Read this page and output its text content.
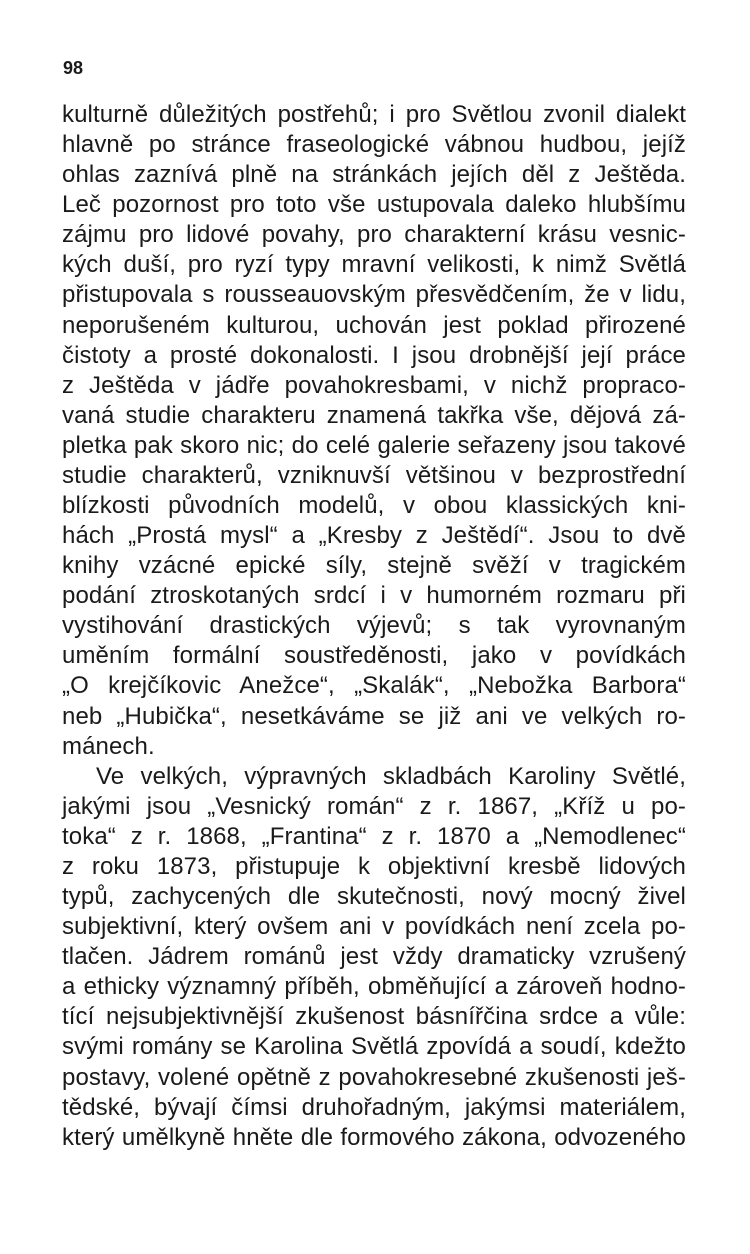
98
kulturně důležitých postřehů; i pro Světlou zvonil dialekt
hlavně po stránce fraseologické vábnou hudbou, jejíž
ohlas zaznívá plně na stránkách jejích děl z Ještěda.
Leč pozornost pro toto vše ustupovala daleko hlubšímu
zájmu pro lidové povahy, pro charakterní krásu vesnic-
kých duší, pro ryzí typy mravní velikosti, k nimž Světlá
přistupovala s rousseauovským přesvědčením, že v lidu,
neporušeném kulturou, uchován jest poklad přirozené
čistoty a prosté dokonalosti. I jsou drobnější její práce
z Ještěda v jádře povahokresbami, v nichž propraco-
vaná studie charakteru znamená takřka vše, dějová zá-
pletka pak skoro nic; do celé galerie seřazeny jsou takové
studie charakterů, vzniknuvší většinou v bezprostřední
blízkosti původních modelů, v obou klassických kni-
hách „Prostá mysl“ a „Kresby z Ještědí“. Jsou to dvě
knihy vzácné epické síly, stejně svěží v tragickém
podání ztroskotaných srdcí i v humorném rozmaru při
vystihování drastických výjevů; s tak vyrovnaným
uměním formální soustředěnosti, jako v povídkách
„O krejčíkovic Anežce“, „Skalák“, „Nebožka Barbora“
neb „Hubička“, nesetkáváme se již ani ve velkých ro-
mánech.
Ve velkých, výpravných skladbách Karoliny Světlé,
jakými jsou „Vesnický román“ z r. 1867, „Kříž u po-
toka“ z r. 1868, „Frantina“ z r. 1870 a „Nemodlenec“
z roku 1873, přistupuje k objektivní kresbě lidových
typů, zachycených dle skutečnosti, nový mocný živel
subjektivní, který ovšem ani v povídkách není zcela po-
tlačen. Jádrem románů jest vždy dramaticky vzrušený
a ethicky významný příběh, obměňující a zároveň hodno-
tící nejsubjektivnější zkušenost básnířčina srdce a vůle:
svými romány se Karolina Světlá zpovídá a soudí, kdežto
postavy, volené opětně z povahokresebné zkušenosti ješ-
tědské, bývají čímsi druhořadným, jakýmsi materiálem,
který umělkyně hněte dle formového zákona, odvozeného
